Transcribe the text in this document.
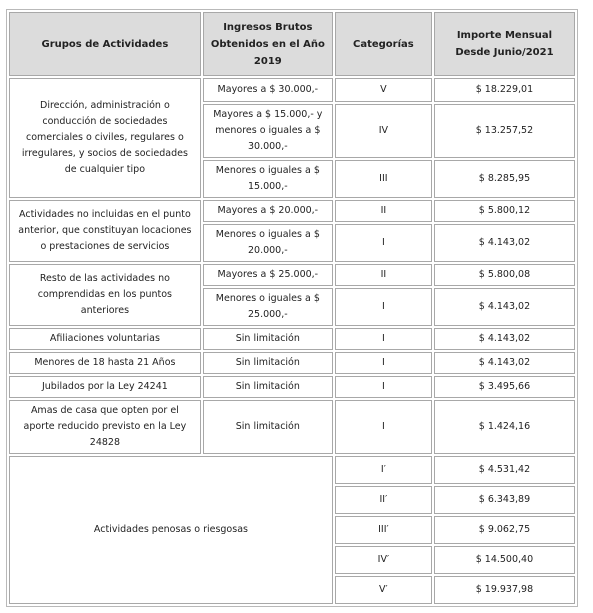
Grupos de Actividades	Ingresos Brutos Obtenidos en el Año 2019	Categorías	Importe Mensual Desde Junio/2021
Dirección, administración o conducción de sociedades comerciales o civiles, regulares o irregulares, y socios de sociedades de cualquier tipo	Mayores a $ 30.000,-	V	$ 18.229,01
	Mayores a $ 15.000,- y menores o iguales a $ 30.000,-	IV	$ 13.257,52
	Menores o iguales a $ 15.000,-	III	$ 8.285,95
Actividades no incluidas en el punto anterior, que constituyan locaciones o prestaciones de servicios	Mayores a $ 20.000,-	II	$ 5.800,12
	Menores o iguales a $ 20.000,-	I	$ 4.143,02
Resto de las actividades no comprendidas en los puntos anteriores	Mayores a $ 25.000,-	II	$ 5.800,08
	Menores o iguales a $ 25.000,-	I	$ 4.143,02
Afiliaciones voluntarias	Sin limitación	I	$ 4.143,02
Menores de 18 hasta 21 Años	Sin limitación	I	$ 4.143,02
Jubilados por la Ley 24241	Sin limitación	I	$ 3.495,66
Amas de casa que opten por el aporte reducido previsto en la Ley 24828	Sin limitación	I	$ 1.424,16
Actividades penosas o riesgosas		I′	$ 4.531,42
		II′	$ 6.343,89
		III′	$ 9.062,75
		IV′	$ 14.500,40
		V′	$ 19.937,98
